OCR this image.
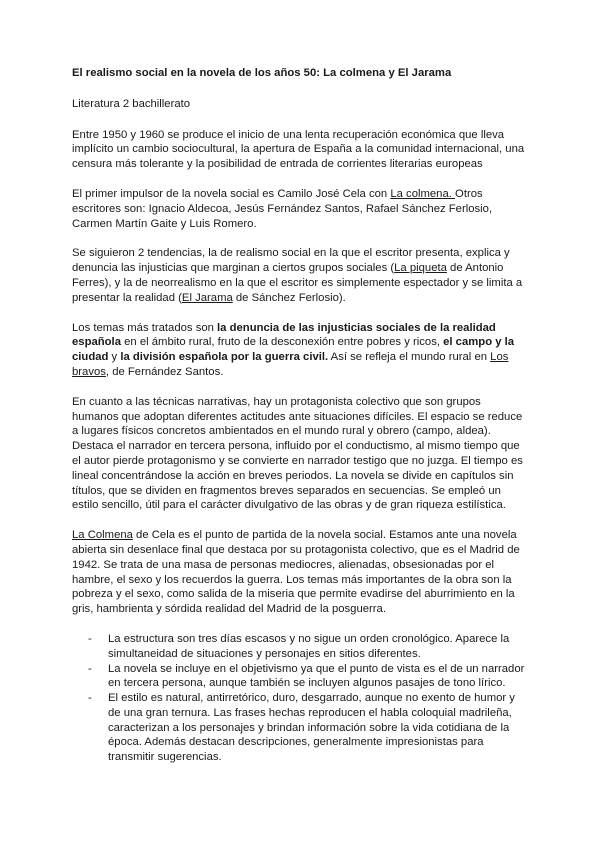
El realismo social en la novela de los años 50: La colmena y El Jarama
Literatura 2 bachillerato

Entre 1950 y 1960 se produce el inicio de una lenta recuperación económica que lleva implícito un cambio sociocultural, la apertura de España a la comunidad internacional, una censura más tolerante y la posibilidad de entrada de corrientes literarias europeas

El primer impulsor de la novela social es Camilo José Cela con La colmena. Otros escritores son: Ignacio Aldecoa, Jesús Fernández Santos, Rafael Sánchez Ferlosio, Carmen Martín Gaite y Luis Romero.

Se siguieron 2 tendencias, la de realismo social en la que el escritor presenta, explica y denuncia las injusticias que marginan a ciertos grupos sociales (La piqueta de Antonio Ferres), y la de neorrealismo en la que el escritor es simplemente espectador y se limita a presentar la realidad (El Jarama de Sánchez Ferlosio).

Los temas más tratados son la denuncia de las injusticias sociales de la realidad española en el ámbito rural, fruto de la desconexión entre pobres y ricos, el campo y la ciudad y la división española por la guerra civil. Así se refleja el mundo rural en Los bravos, de Fernández Santos.

En cuanto a las técnicas narrativas, hay un protagonista colectivo que son grupos humanos que adoptan diferentes actitudes ante situaciones difíciles. El espacio se reduce a lugares físicos concretos ambientados en el mundo rural y obrero (campo, aldea). Destaca el narrador en tercera persona, influido por el conductismo, al mismo tiempo que el autor pierde protagonismo y se convierte en narrador testigo que no juzga. El tiempo es lineal concentrándose la acción en breves periodos. La novela se divide en capítulos sin títulos, que se dividen en fragmentos breves separados en secuencias. Se empleó un estilo sencillo, útil para el carácter divulgativo de las obras y de gran riqueza estilística.

La Colmena de Cela es el punto de partida de la novela social. Estamos ante una novela abierta sin desenlace final que destaca por su protagonista colectivo, que es el Madrid de 1942. Se trata de una masa de personas mediocres, alienadas, obsesionadas por el hambre, el sexo y los recuerdos la guerra. Los temas más importantes de la obra son la pobreza y el sexo, como salida de la miseria que permite evadirse del aburrimiento en la gris, hambrienta y sórdida realidad del Madrid de la posguerra.

- La estructura son tres días escasos y no sigue un orden cronológico. Aparece la simultaneidad de situaciones y personajes en sitios diferentes.
- La novela se incluye en el objetivismo ya que el punto de vista es el de un narrador en tercera persona, aunque también se incluyen algunos pasajes de tono lírico.
- El estilo es natural, antirretórico, duro, desgarrado, aunque no exento de humor y de una gran ternura. Las frases hechas reproducen el habla coloquial madrileña, caracterizan a los personajes y brindan información sobre la vida cotidiana de la época. Además destacan descripciones, generalmente impresionistas para transmitir sugerencias.
